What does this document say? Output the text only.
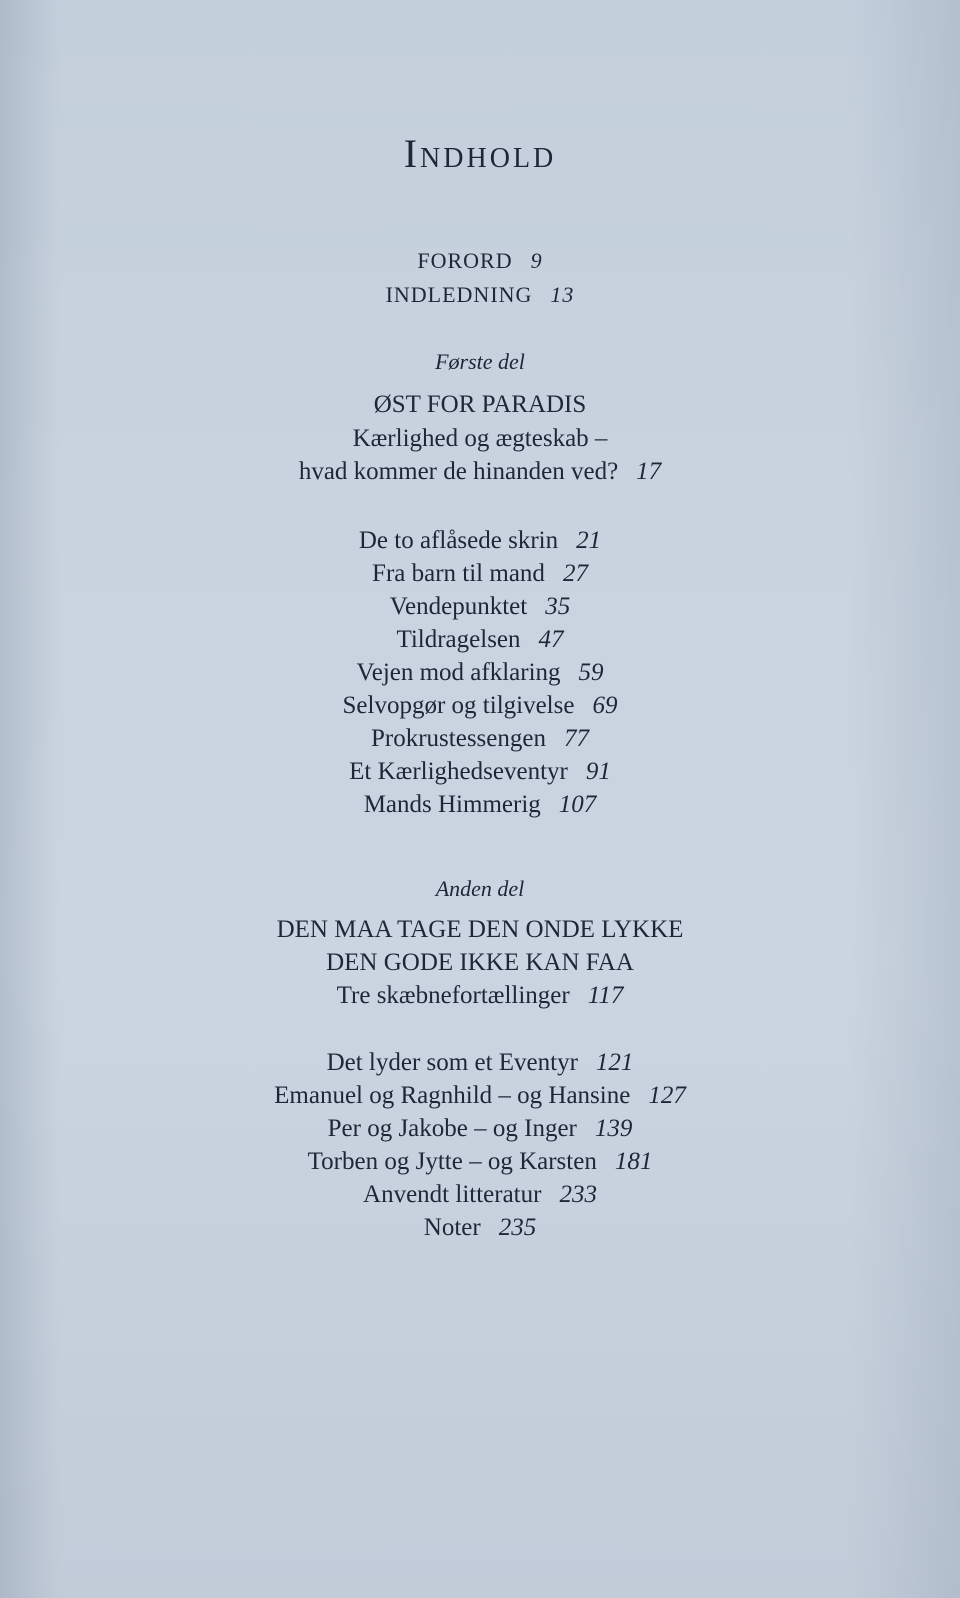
Indhold
FORORD 9
INDLEDNING 13
Første del
ØST FOR PARADIS
Kærlighed og ægteskab –
hvad kommer de hinanden ved? 17
De to aflåsede skrin 21
Fra barn til mand 27
Vendepunktet 35
Tildragelsen 47
Vejen mod afklaring 59
Selvopgør og tilgivelse 69
Prokrustessengen 77
Et Kærlighedseventyr 91
Mands Himmerig 107
Anden del
DEN MAA TAGE DEN ONDE LYKKE
DEN GODE IKKE KAN FAA
Tre skæbnefortællinger 117
Det lyder som et Eventyr 121
Emanuel og Ragnhild – og Hansine 127
Per og Jakobe – og Inger 139
Torben og Jytte – og Karsten 181
Anvendt litteratur 233
Noter 235
